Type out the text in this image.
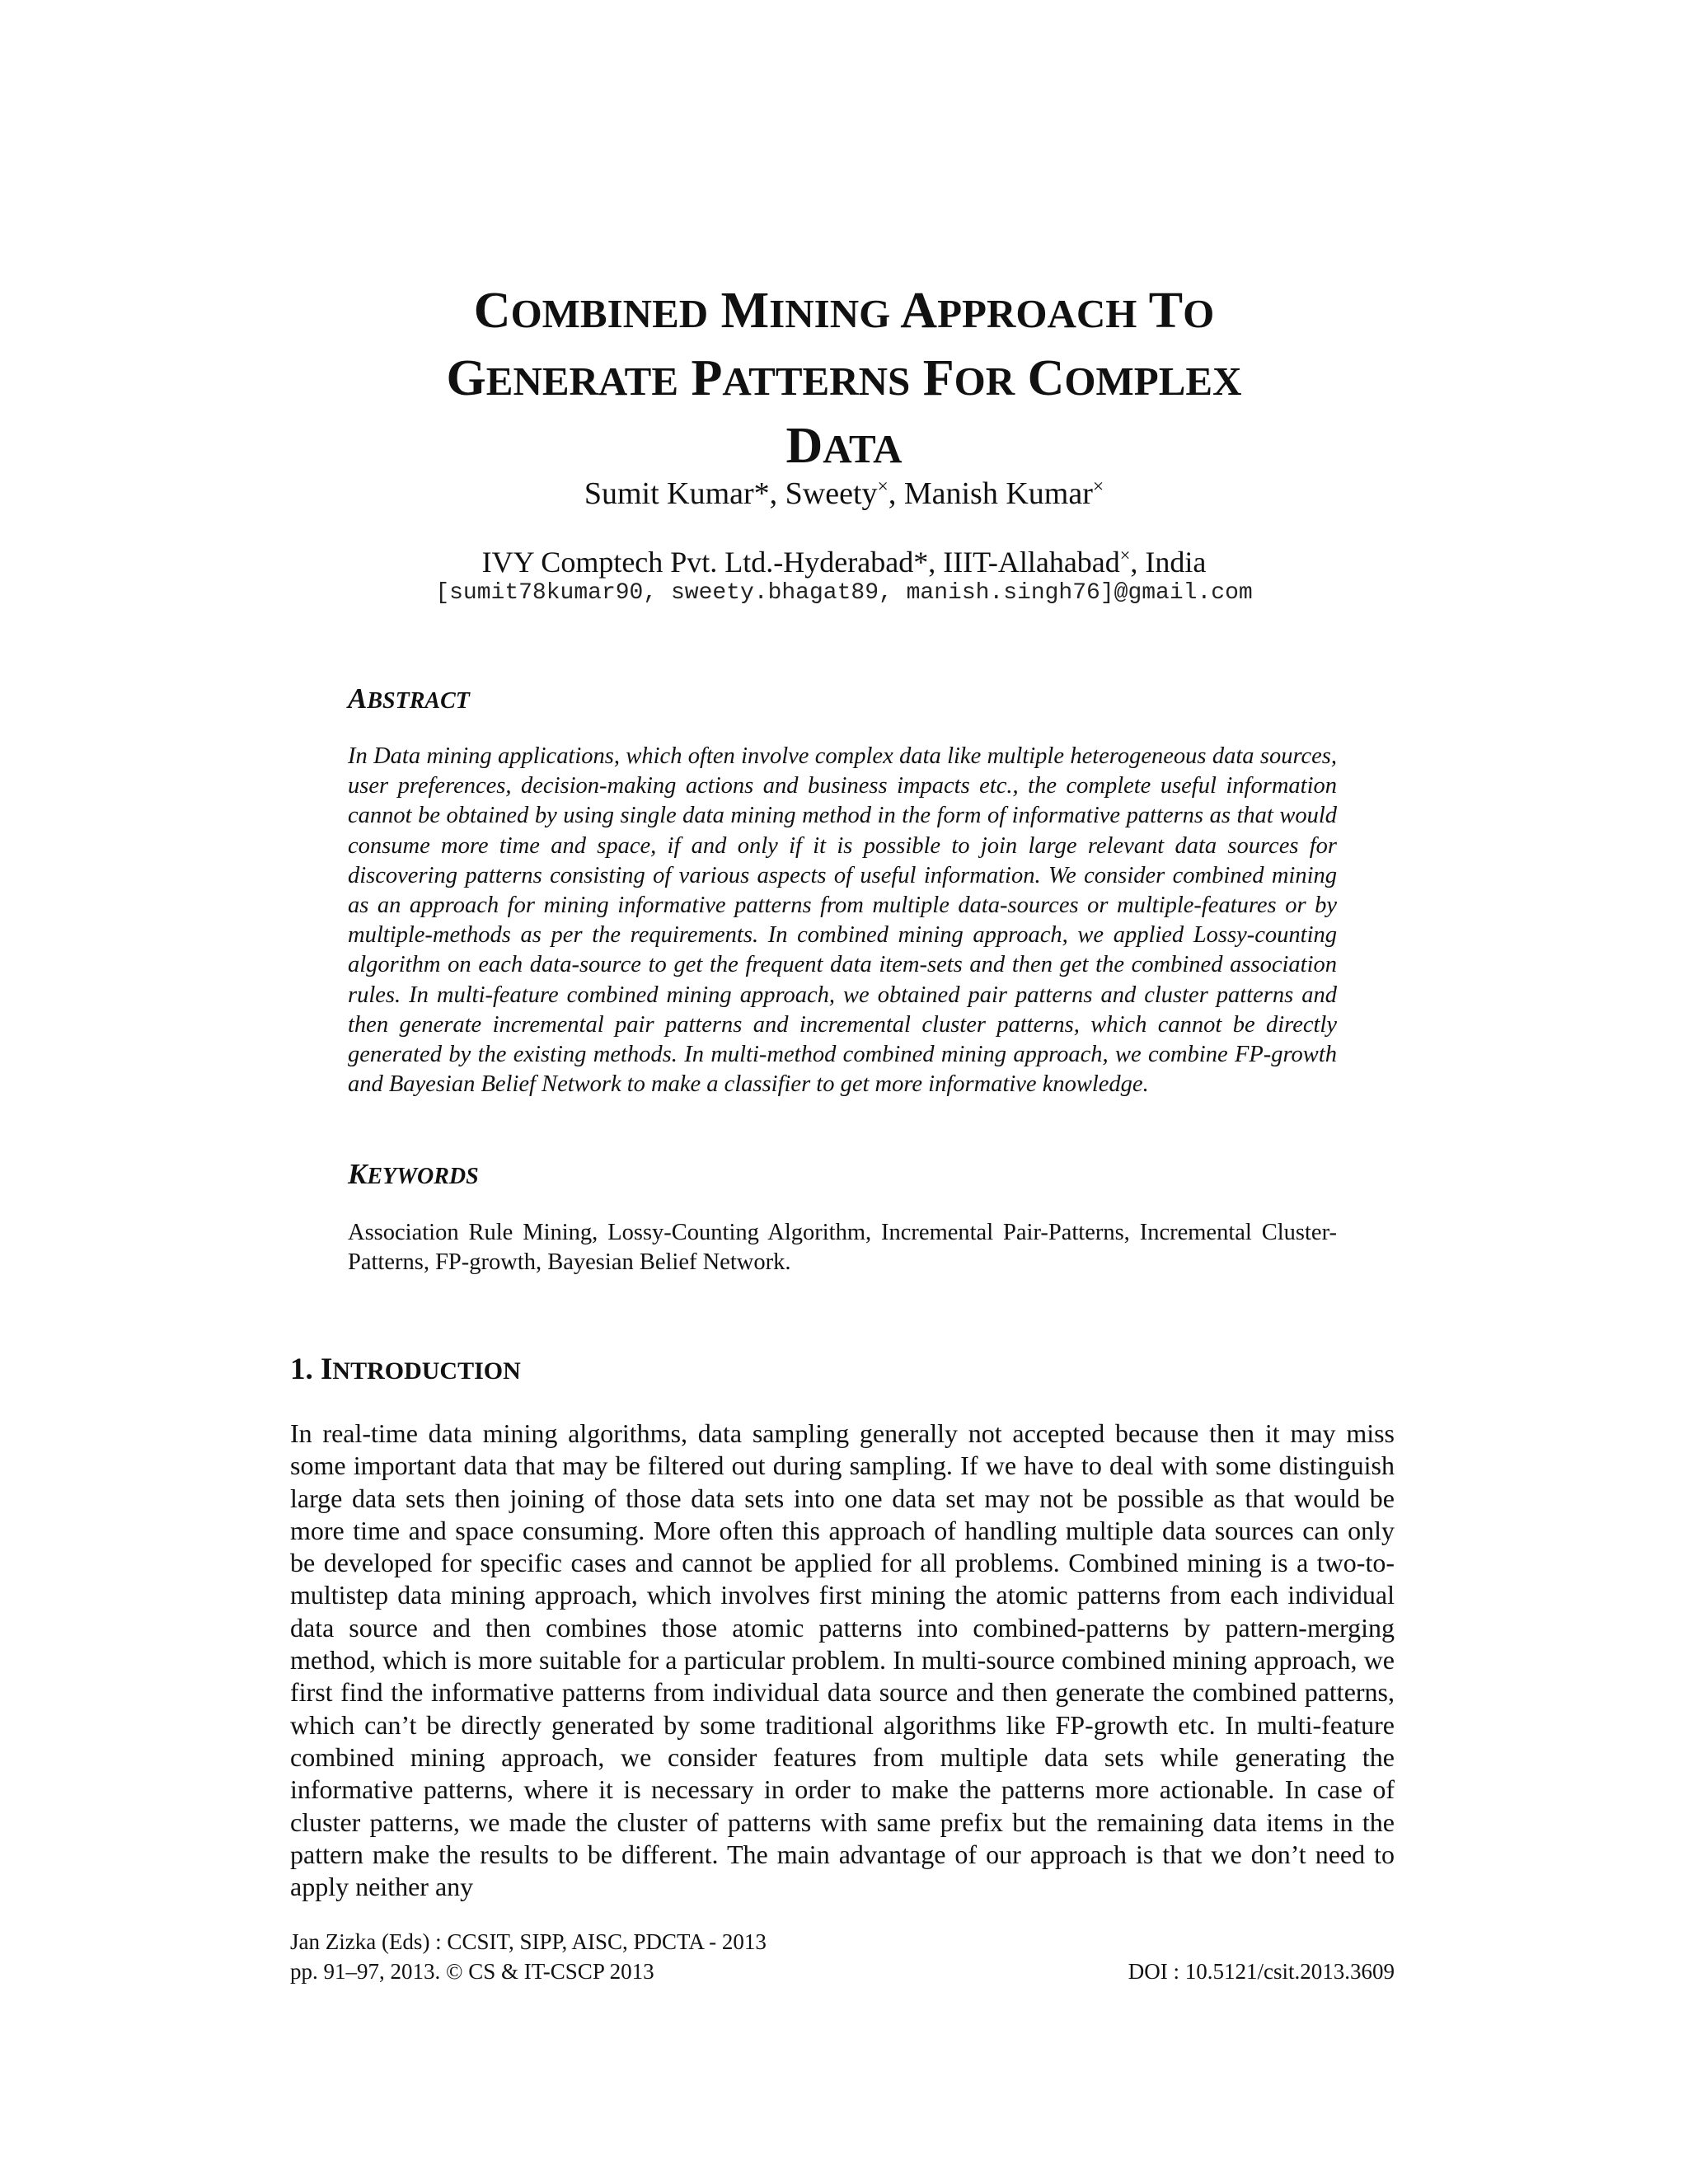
COMBINED MINING APPROACH TO
GENERATE PATTERNS FOR COMPLEX
DATA

Sumit Kumar*, Sweety×, Manish Kumar×

IVY Comptech Pvt. Ltd.-Hyderabad*, IIIT-Allahabad×, India

[sumit78kumar90, sweety.bhagat89, manish.singh76]@gmail.com

ABSTRACT

In Data mining applications, which often involve complex data like multiple heterogeneous data sources, user preferences, decision-making actions and business impacts etc., the complete useful information cannot be obtained by using single data mining method in the form of informative patterns as that would consume more time and space, if and only if it is possible to join large relevant data sources for discovering patterns consisting of various aspects of useful information. We consider combined mining as an approach for mining informative patterns from multiple data-sources or multiple-features or by multiple-methods as per the requirements. In combined mining approach, we applied Lossy-counting algorithm on each data-source to get the frequent data item-sets and then get the combined association rules. In multi-feature combined mining approach, we obtained pair patterns and cluster patterns and then generate incremental pair patterns and incremental cluster patterns, which cannot be directly generated by the existing methods. In multi-method combined mining approach, we combine FP-growth and Bayesian Belief Network to make a classifier to get more informative knowledge.

KEYWORDS

Association Rule Mining, Lossy-Counting Algorithm, Incremental Pair-Patterns, Incremental Cluster-Patterns, FP-growth, Bayesian Belief Network.

1. INTRODUCTION

In real-time data mining algorithms, data sampling generally not accepted because then it may miss some important data that may be filtered out during sampling. If we have to deal with some distinguish large data sets then joining of those data sets into one data set may not be possible as that would be more time and space consuming. More often this approach of handling multiple data sources can only be developed for specific cases and cannot be applied for all problems. Combined mining is a two-to-multistep data mining approach, which involves first mining the atomic patterns from each individual data source and then combines those atomic patterns into combined-patterns by pattern-merging method, which is more suitable for a particular problem. In multi-source combined mining approach, we first find the informative patterns from individual data source and then generate the combined patterns, which can’t be directly generated by some traditional algorithms like FP-growth etc. In multi-feature combined mining approach, we consider features from multiple data sets while generating the informative patterns, where it is necessary in order to make the patterns more actionable. In case of cluster patterns, we made the cluster of patterns with same prefix but the remaining data items in the pattern make the results to be different. The main advantage of our approach is that we don’t need to apply neither any

Jan Zizka (Eds) : CCSIT, SIPP, AISC, PDCTA - 2013
pp. 91–97, 2013. © CS & IT-CSCP 2013	DOI : 10.5121/csit.2013.3609
